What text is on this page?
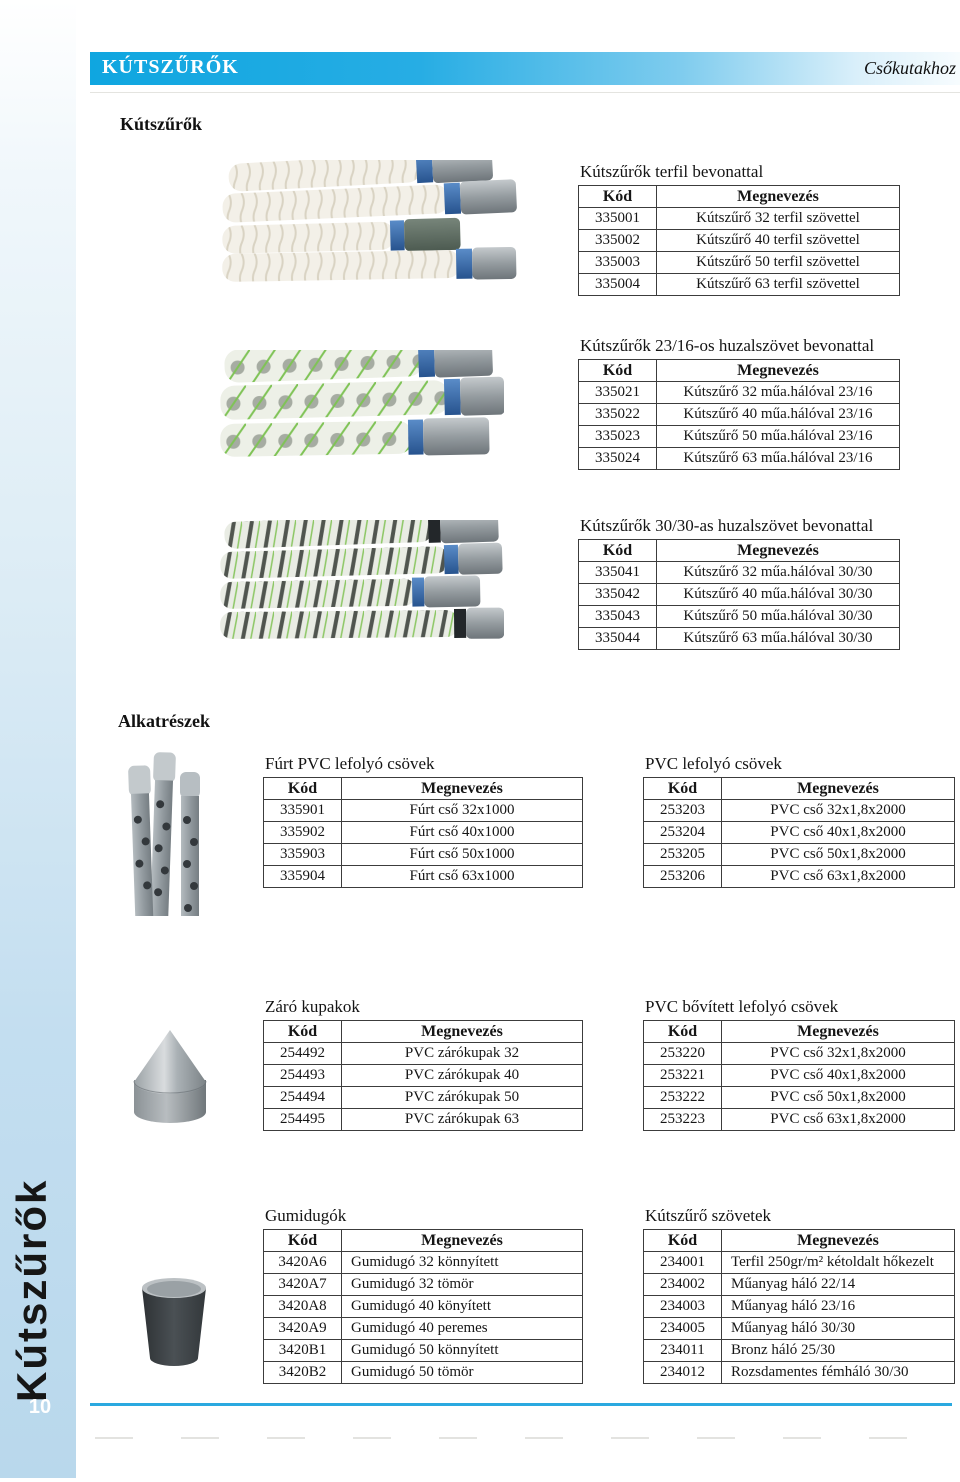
Kútszűrők
10
KÚTSZŰRŐK	Csőkutakhoz
Kútszűrők
Kútszűrők terfil bevonattal
Kód	Megnevezés
335001	Kútszűrő 32 terfil szövettel
335002	Kútszűrő 40 terfil szövettel
335003	Kútszűrő 50 terfil szövettel
335004	Kútszűrő 63 terfil szövettel
Kútszűrők 23/16-os huzalszövet bevonattal
Kód	Megnevezés
335021	Kútszűrő 32 műa.hálóval 23/16
335022	Kútszűrő 40 műa.hálóval 23/16
335023	Kútszűrő 50 műa.hálóval 23/16
335024	Kútszűrő 63 műa.hálóval 23/16
Kútszűrők 30/30-as huzalszövet bevonattal
Kód	Megnevezés
335041	Kútszűrő 32 műa.hálóval 30/30
335042	Kútszűrő 40 műa.hálóval 30/30
335043	Kútszűrő 50 műa.hálóval 30/30
335044	Kútszűrő 63 műa.hálóval 30/30
Alkatrészek
Fúrt PVC lefolyó csövek
Kód	Megnevezés
335901	Fúrt cső 32x1000
335902	Fúrt cső 40x1000
335903	Fúrt cső 50x1000
335904	Fúrt cső 63x1000
PVC lefolyó csövek
Kód	Megnevezés
253203	PVC cső 32x1,8x2000
253204	PVC cső 40x1,8x2000
253205	PVC cső 50x1,8x2000
253206	PVC cső 63x1,8x2000
Záró kupakok
Kód	Megnevezés
254492	PVC zárókupak 32
254493	PVC zárókupak 40
254494	PVC zárókupak 50
254495	PVC zárókupak 63
PVC bővített lefolyó csövek
Kód	Megnevezés
253220	PVC cső 32x1,8x2000
253221	PVC cső 40x1,8x2000
253222	PVC cső 50x1,8x2000
253223	PVC cső 63x1,8x2000
Gumidugók
Kód	Megnevezés
3420A6	Gumidugó 32 könnyített
3420A7	Gumidugó 32 tömör
3420A8	Gumidugó 40 könyített
3420A9	Gumidugó 40 peremes
3420B1	Gumidugó 50 könnyített
3420B2	Gumidugó 50 tömör
Kútszűrő szövetek
Kód	Megnevezés
234001	Terfil 250gr/m² kétoldalt hőkezelt
234002	Műanyag háló 22/14
234003	Műanyag háló 23/16
234005	Műanyag háló 30/30
234011	Bronz háló 25/30
234012	Rozsdamentes fémháló 30/30
